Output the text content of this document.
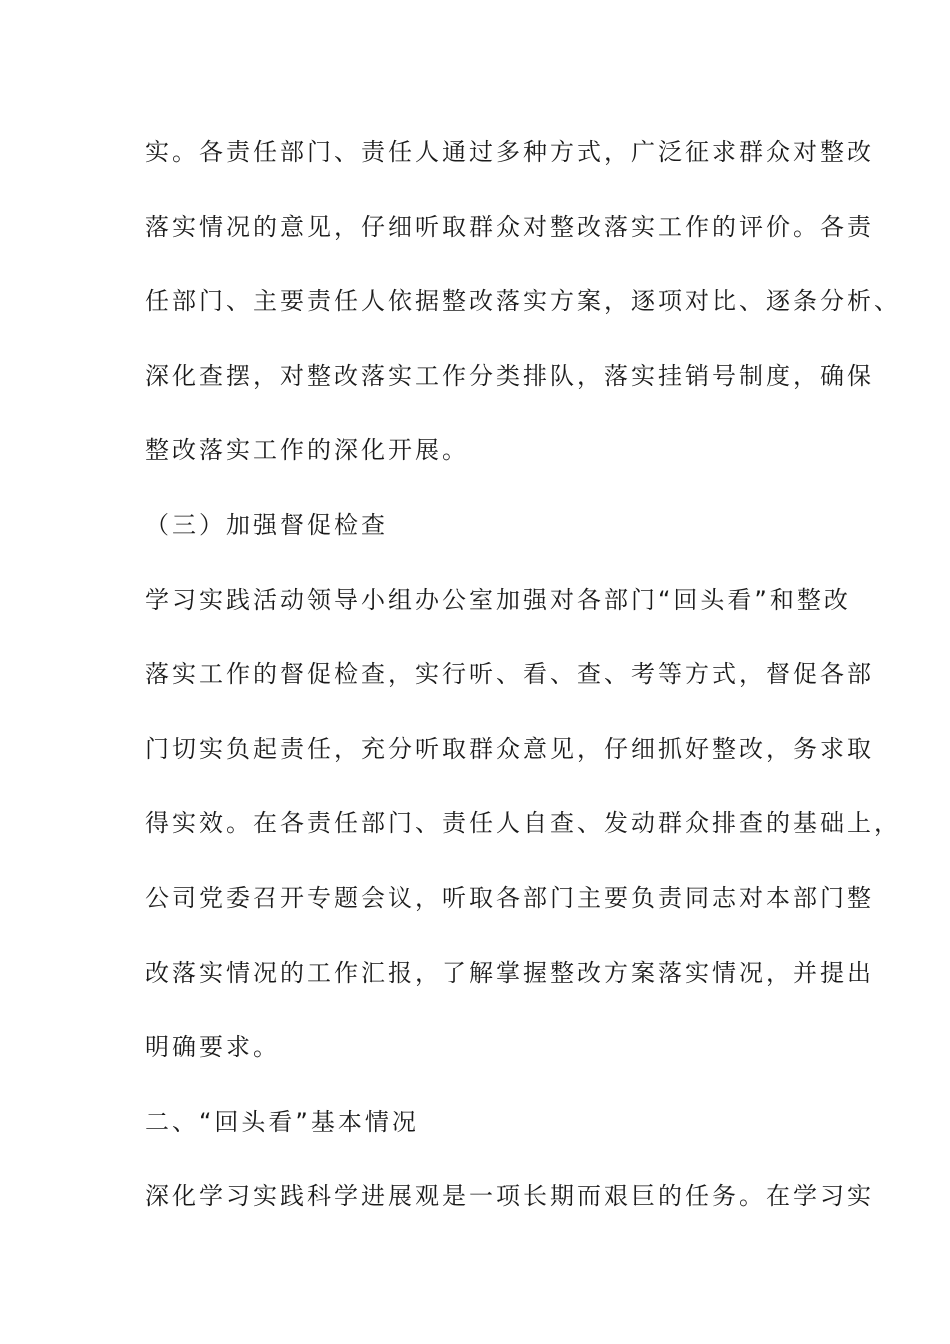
实。各责任部门、责任人通过多种方式，广泛征求群众对整改
落实情况的意见，仔细听取群众对整改落实工作的评价。各责
任部门、主要责任人依据整改落实方案，逐项对比、逐条分析、
深化查摆，对整改落实工作分类排队，落实挂销号制度，确保
整改落实工作的深化开展。
（三）加强督促检查
学习实践活动领导小组办公室加强对各部门“回头看”和整改
落实工作的督促检查，实行听、看、查、考等方式，督促各部
门切实负起责任，充分听取群众意见，仔细抓好整改，务求取
得实效。在各责任部门、责任人自查、发动群众排查的基础上，
公司党委召开专题会议，听取各部门主要负责同志对本部门整
改落实情况的工作汇报，了解掌握整改方案落实情况，并提出
明确要求。
二、“回头看”基本情况
深化学习实践科学进展观是一项长期而艰巨的任务。在学习实
